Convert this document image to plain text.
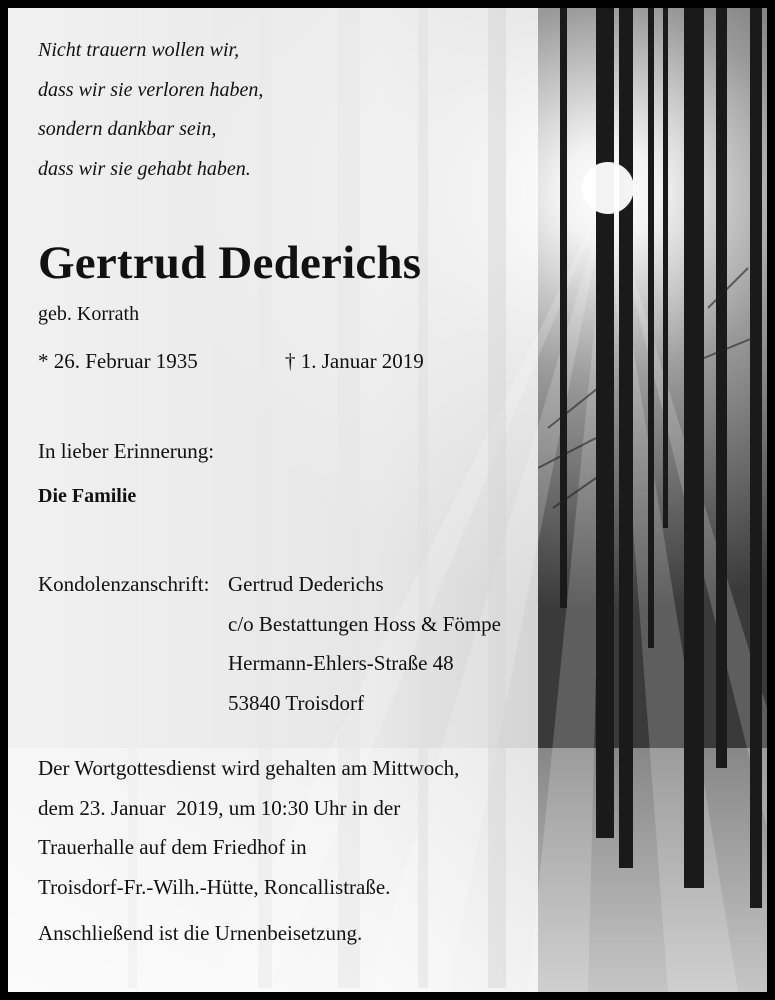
Nicht trauern wollen wir,
dass wir sie verloren haben,
sondern dankbar sein,
dass wir sie gehabt haben.
Gertrud Dederichs
geb. Korrath
* 26. Februar 1935	† 1. Januar 2019
In lieber Erinnerung:
Die Familie
Kondolenzanschrift: Gertrud Dederichs
c/o Bestattungen Hoss & Fömpe
Hermann-Ehlers-Straße 48
53840 Troisdorf
Der Wortgottesdienst wird gehalten am Mittwoch,
dem 23. Januar  2019, um 10:30 Uhr in der
Trauerhalle auf dem Friedhof in
Troisdorf-Fr.-Wilh.-Hütte, Roncallistraße.
Anschließend ist die Urnenbeisetzung.
